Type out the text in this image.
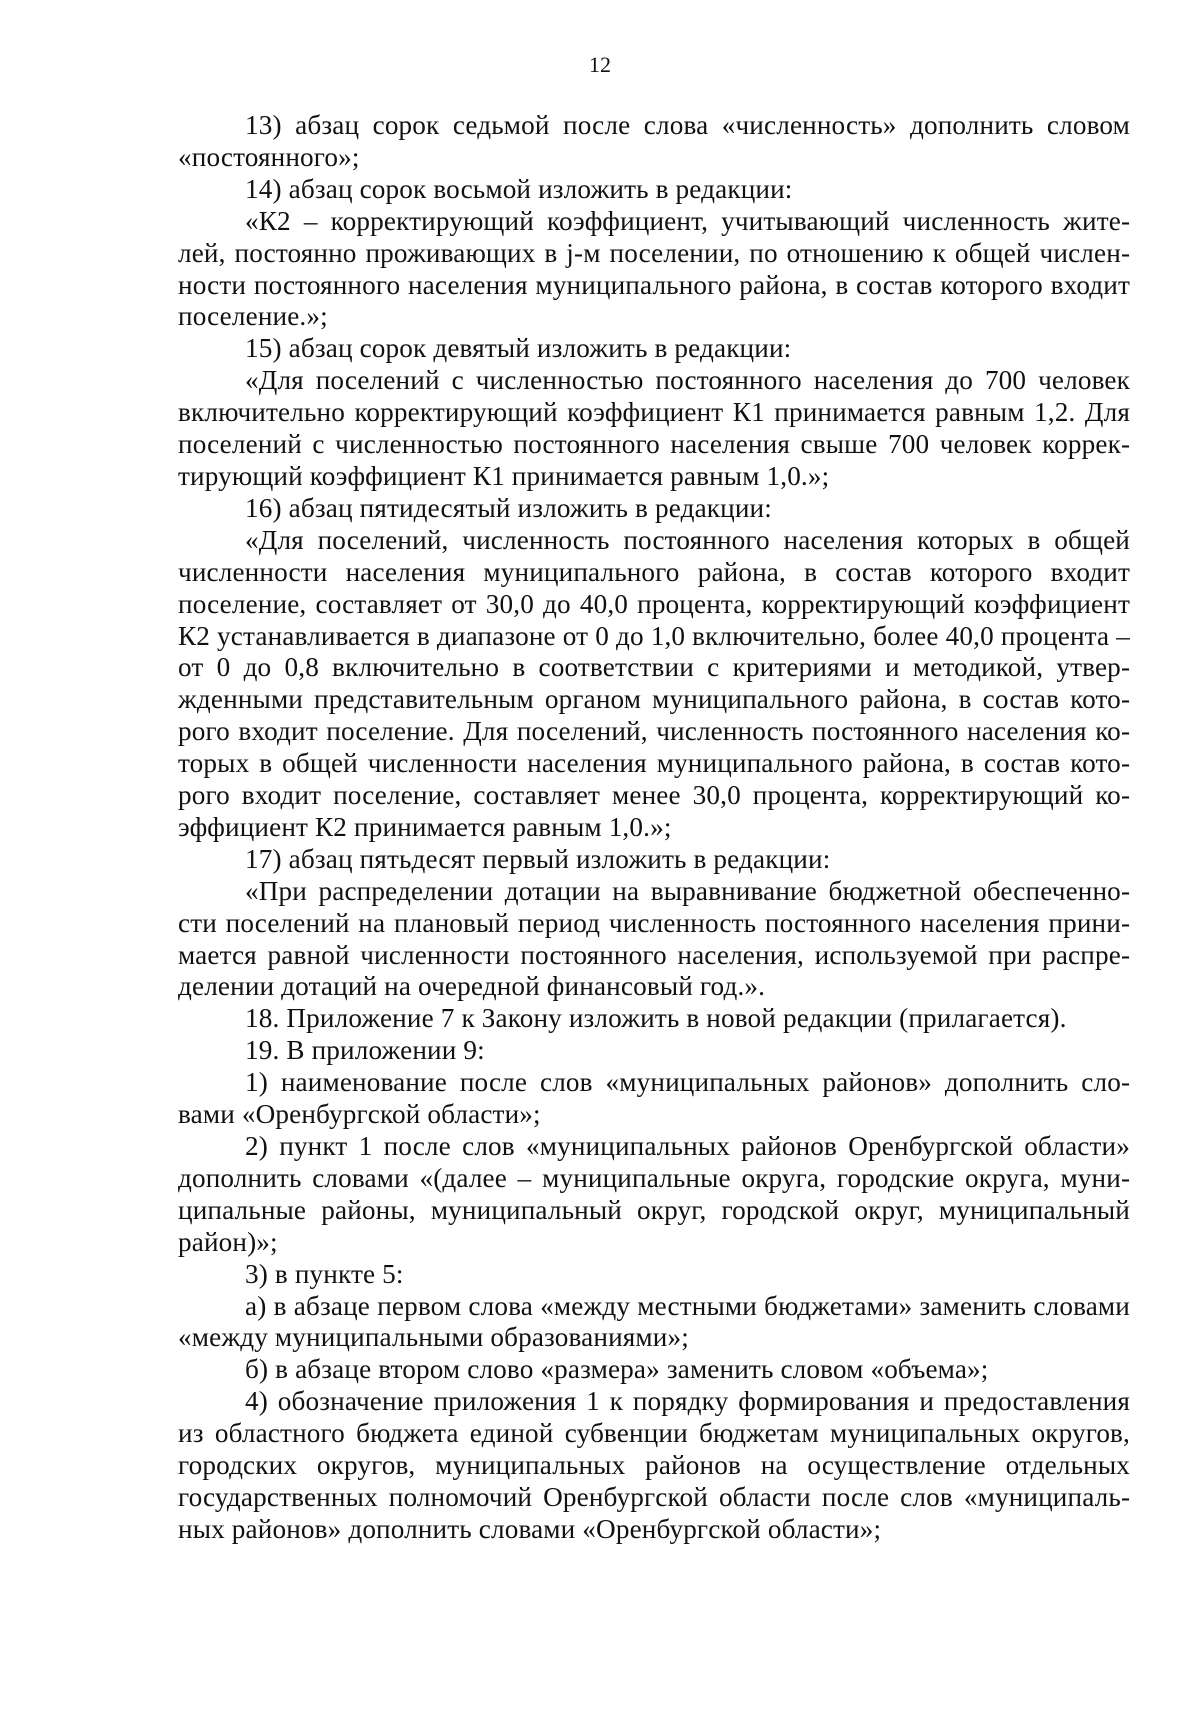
12

13) абзац сорок седьмой после слова «численность» дополнить словом «постоянного»;

14) абзац сорок восьмой изложить в редакции:

«К2 – корректирующий коэффициент, учитывающий численность жителей, постоянно проживающих в j-м поселении, по отношению к общей численности постоянного населения муниципального района, в состав которого входит поселение.»;

15) абзац сорок девятый изложить в редакции:

«Для поселений с численностью постоянного населения до 700 человек включительно корректирующий коэффициент К1 принимается равным 1,2. Для поселений с численностью постоянного населения свыше 700 человек корректирующий коэффициент К1 принимается равным 1,0.»;

16) абзац пятидесятый изложить в редакции:

«Для поселений, численность постоянного населения которых в общей численности населения муниципального района, в состав которого входит поселение, составляет от 30,0 до 40,0 процента, корректирующий коэффициент К2 устанавливается в диапазоне от 0 до 1,0 включительно, более 40,0 процента – от 0 до 0,8 включительно в соответствии с критериями и методикой, утвержденными представительным органом муниципального района, в состав которого входит поселение. Для поселений, численность постоянного населения которых в общей численности населения муниципального района, в состав которого входит поселение, составляет менее 30,0 процента, корректирующий коэффициент К2 принимается равным 1,0.»;

17) абзац пятьдесят первый изложить в редакции:

«При распределении дотации на выравнивание бюджетной обеспеченности поселений на плановый период численность постоянного населения принимается равной численности постоянного населения, используемой при распределении дотаций на очередной финансовый год.».

18. Приложение 7 к Закону изложить в новой редакции (прилагается).

19. В приложении 9:

1) наименование после слов «муниципальных районов» дополнить словами «Оренбургской области»;

2) пункт 1 после слов «муниципальных районов Оренбургской области» дополнить словами «(далее – муниципальные округа, городские округа, муниципальные районы, муниципальный округ, городской округ, муниципальный район)»;

3) в пункте 5:

а) в абзаце первом слова «между местными бюджетами» заменить словами «между муниципальными образованиями»;

б) в абзаце втором слово «размера» заменить словом «объема»;

4) обозначение приложения 1 к порядку формирования и предоставления из областного бюджета единой субвенции бюджетам муниципальных округов, городских округов, муниципальных районов на осуществление отдельных государственных полномочий Оренбургской области после слов «муниципальных районов» дополнить словами «Оренбургской области»;
